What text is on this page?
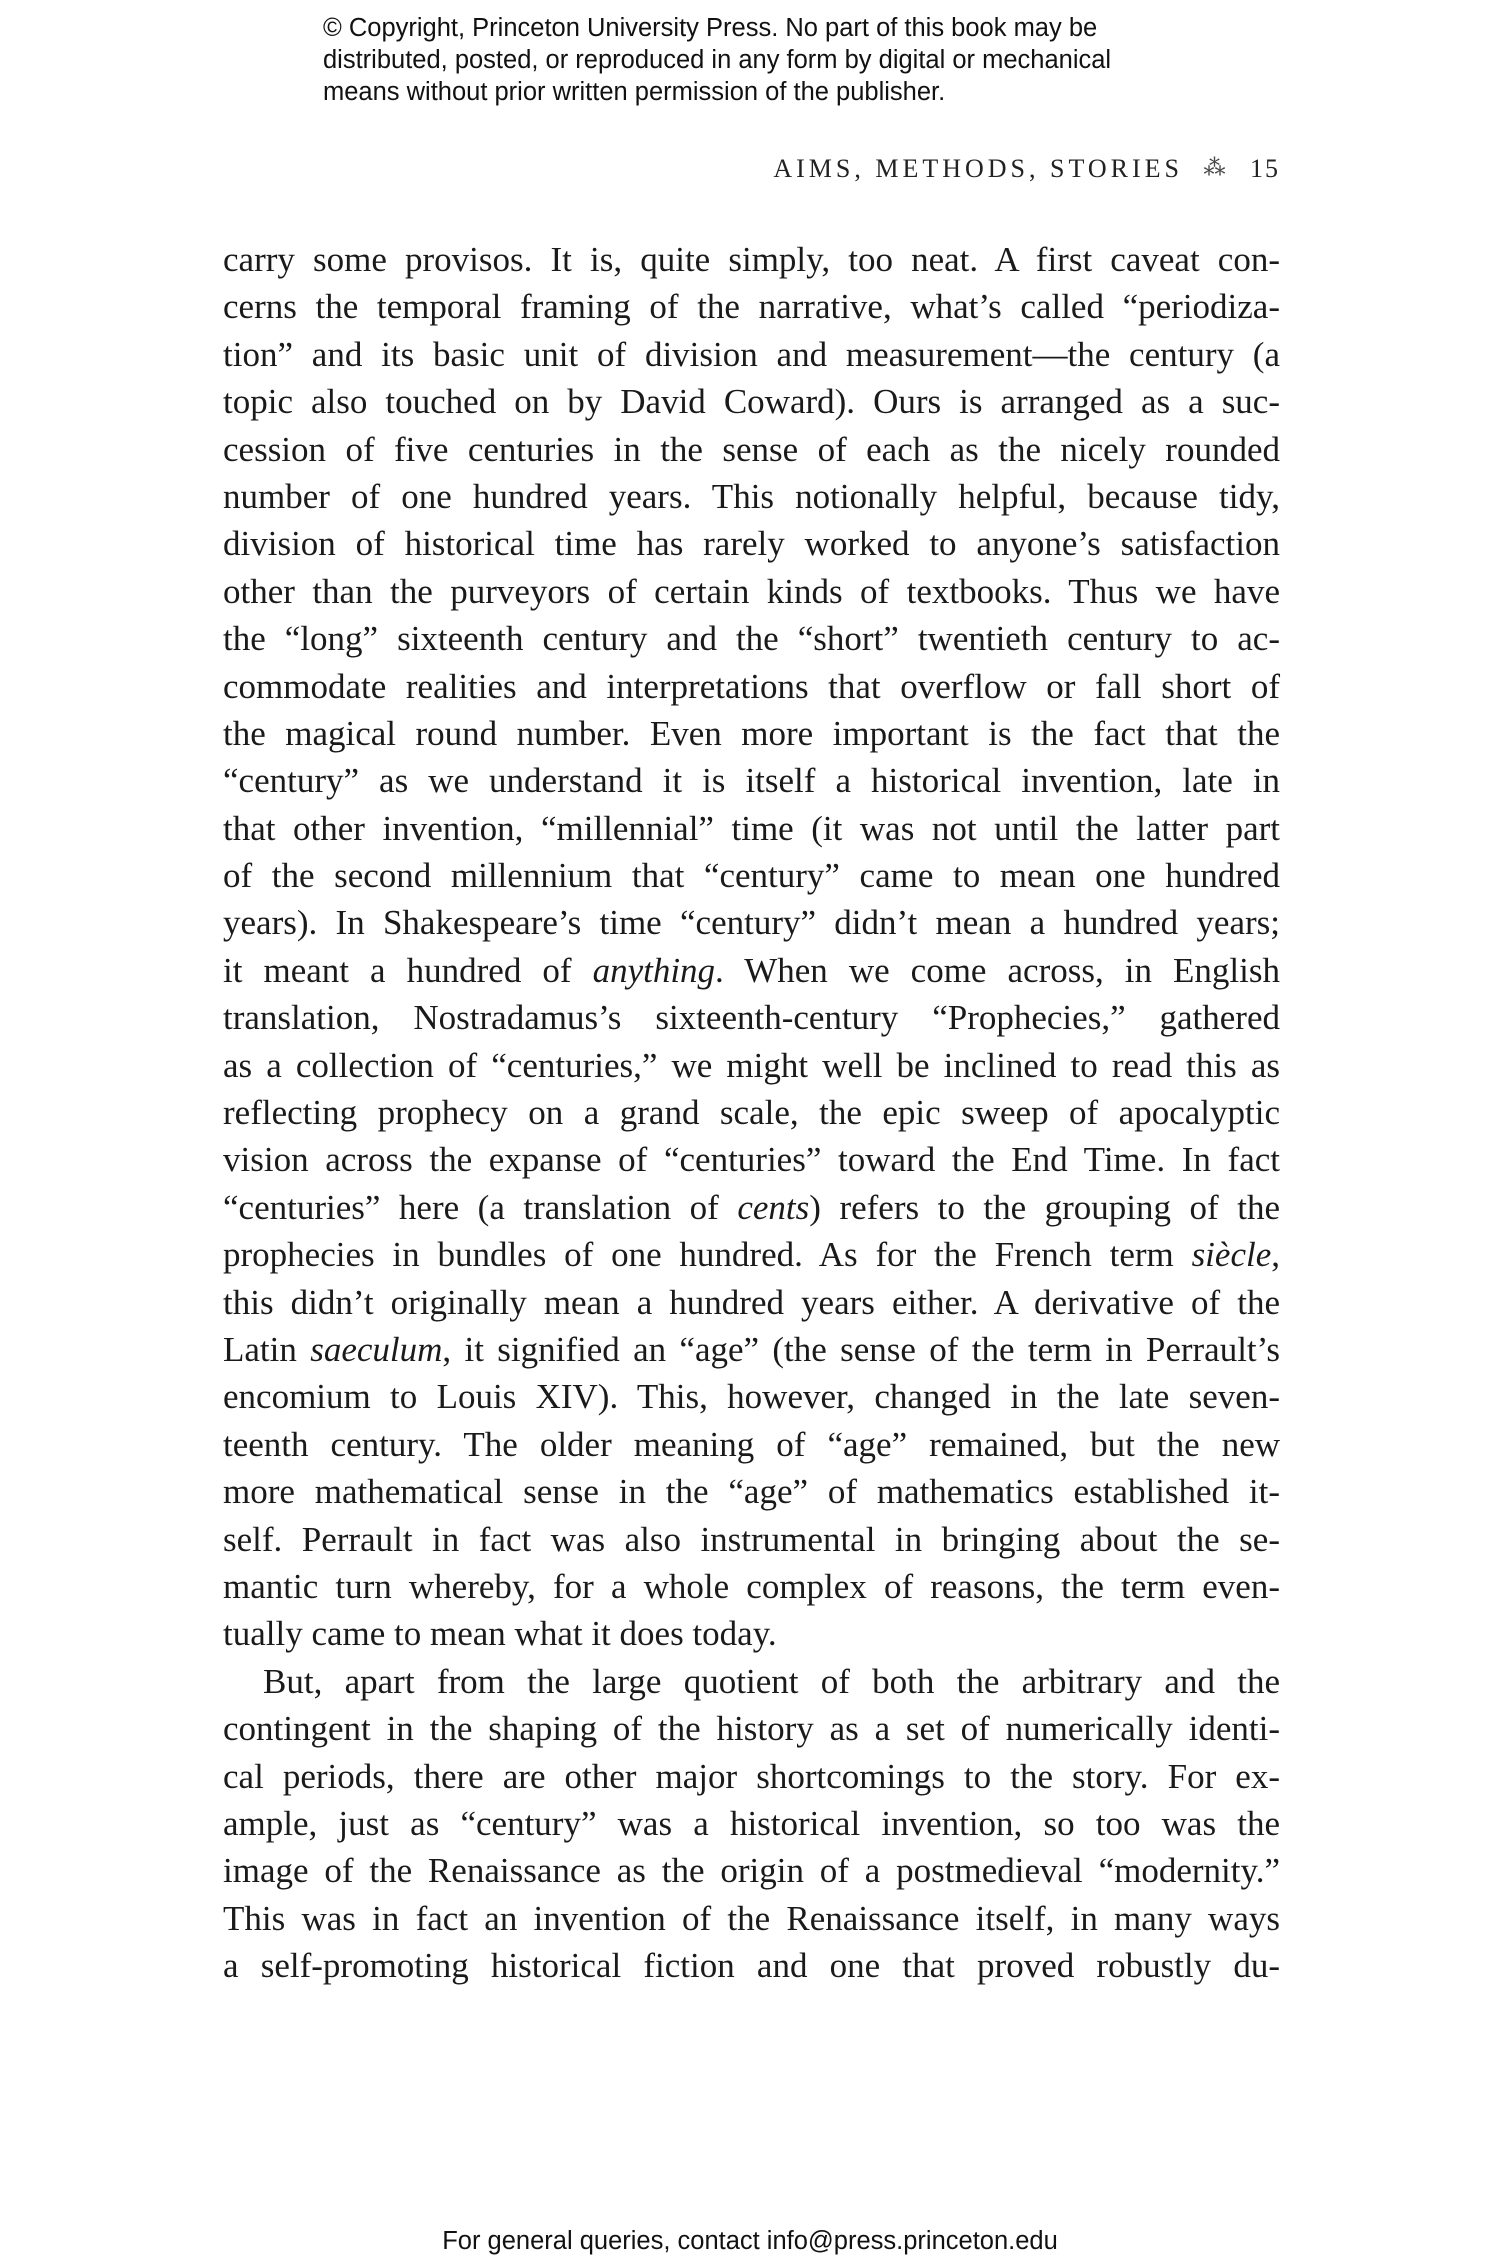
© Copyright, Princeton University Press. No part of this book may be
distributed, posted, or reproduced in any form by digital or mechanical
means without prior written permission of the publisher.
AIMS, METHODS, STORIES ⁂ 15
carry some provisos. It is, quite simply, too neat. A first caveat con-
cerns the temporal framing of the narrative, what’s called “periodiza-
tion” and its basic unit of division and measurement—the century (a
topic also touched on by David Coward). Ours is arranged as a suc-
cession of five centuries in the sense of each as the nicely rounded
number of one hundred years. This notionally helpful, because tidy,
division of historical time has rarely worked to anyone’s satisfaction
other than the purveyors of certain kinds of textbooks. Thus we have
the “long” sixteenth century and the “short” twentieth century to ac-
commodate realities and interpretations that overflow or fall short of
the magical round number. Even more important is the fact that the
“century” as we understand it is itself a historical invention, late in
that other invention, “millennial” time (it was not until the latter part
of the second millennium that “century” came to mean one hundred
years). In Shakespeare’s time “century” didn’t mean a hundred years;
it meant a hundred of anything. When we come across, in English
translation, Nostradamus’s sixteenth-century “Prophecies,” gathered
as a collection of “centuries,” we might well be inclined to read this as
reflecting prophecy on a grand scale, the epic sweep of apocalyptic
vision across the expanse of “centuries” toward the End Time. In fact
“centuries” here (a translation of cents) refers to the grouping of the
prophecies in bundles of one hundred. As for the French term siècle,
this didn’t originally mean a hundred years either. A derivative of the
Latin saeculum, it signified an “age” (the sense of the term in Perrault’s
encomium to Louis XIV). This, however, changed in the late seven-
teenth century. The older meaning of “age” remained, but the new
more mathematical sense in the “age” of mathematics established it-
self. Perrault in fact was also instrumental in bringing about the se-
mantic turn whereby, for a whole complex of reasons, the term even-
tually came to mean what it does today.
But, apart from the large quotient of both the arbitrary and the
contingent in the shaping of the history as a set of numerically identi-
cal periods, there are other major shortcomings to the story. For ex-
ample, just as “century” was a historical invention, so too was the
image of the Renaissance as the origin of a postmedieval “modernity.”
This was in fact an invention of the Renaissance itself, in many ways
a self-promoting historical fiction and one that proved robustly du-
For general queries, contact info@press.princeton.edu
